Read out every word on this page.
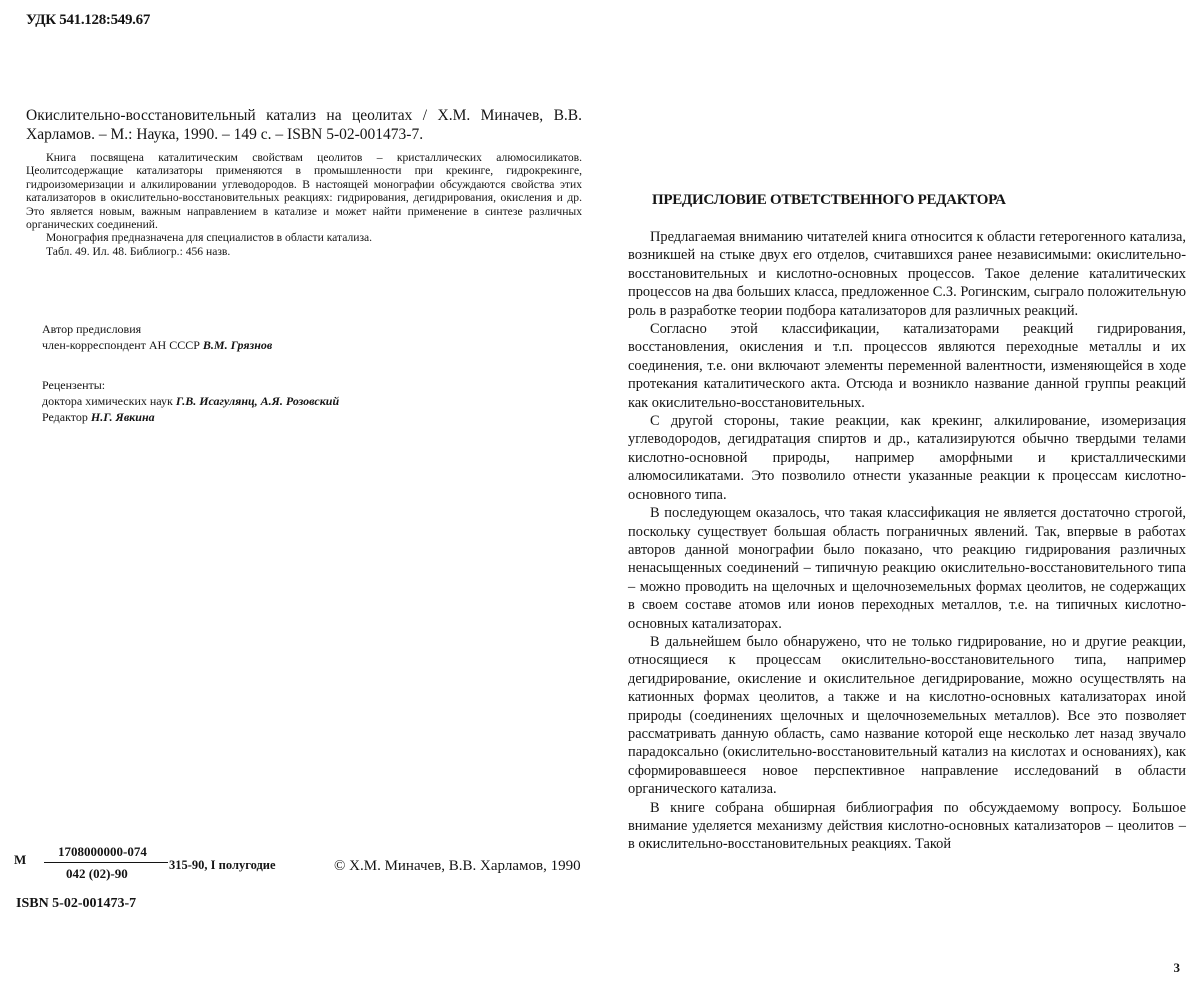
УДК 541.128:549.67
Окислительно-восстановительный катализ на цеолитах / Х.М. Миначев, В.В. Харламов. – М.: Наука, 1990. – 149 с. – ISBN 5-02-001473-7.

Книга посвящена каталитическим свойствам цеолитов – кристаллических алюмосиликатов. Цеолитсодержащие катализаторы применяются в промышленности при крекинге, гидрокрекинге, гидроизомеризации и алкилировании углеводородов. В настоящей монографии обсуждаются свойства этих катализаторов в окислительно-восстановительных реакциях: гидрирования, дегидрирования, окисления и др. Это является новым, важным направлением в катализе и может найти применение в синтезе различных органических соединений.

Монография предназначена для специалистов в области катализа.

Табл. 49. Ил. 48. Библиогр.: 456 назв.

Автор предисловия
член-корреспондент АН СССР В.М. Грязнов
Рецензенты:
доктора химических наук Г.В. Исагулянц, А.Я. Розовский
Редактор Н.Г. Явкина
М
1708000000-074
042 (02)-90
315-90, I полугодие	© Х.М. Миначев, В.В. Харламов, 1990
ISBN 5-02-001473-7
ПРЕДИСЛОВИЕ ОТВЕТСТВЕННОГО РЕДАКТОРА

Предлагаемая вниманию читателей книга относится к области гетерогенного катализа, возникшей на стыке двух его отделов, считавшихся ранее независимыми: окислительно-восстановительных и кислотно-основных процессов. Такое деление каталитических процессов на два больших класса, предложенное С.З. Рогинским, сыграло положительную роль в разработке теории подбора катализаторов для различных реакций.

Согласно этой классификации, катализаторами реакций гидрирования, восстановления, окисления и т.п. процессов являются переходные металлы и их соединения, т.е. они включают элементы переменной валентности, изменяющейся в ходе протекания каталитического акта. Отсюда и возникло название данной группы реакций как окислительно-восстановительных.

С другой стороны, такие реакции, как крекинг, алкилирование, изомеризация углеводородов, дегидратация спиртов и др., катализируются обычно твердыми телами кислотно-основной природы, например аморфными и кристаллическими алюмосиликатами. Это позволило отнести указанные реакции к процессам кислотно-основного типа.

В последующем оказалось, что такая классификация не является достаточно строгой, поскольку существует большая область пограничных явлений. Так, впервые в работах авторов данной монографии было показано, что реакцию гидрирования различных ненасыщенных соединений – типичную реакцию окислительно-восстановительного типа – можно проводить на щелочных и щелочноземельных формах цеолитов, не содержащих в своем составе атомов или ионов переходных металлов, т.е. на типичных кислотно-основных катализаторах.

В дальнейшем было обнаружено, что не только гидрирование, но и другие реакции, относящиеся к процессам окислительно-восстановительного типа, например дегидрирование, окисление и окислительное дегидрирование, можно осуществлять на катионных формах цеолитов, а также и на кислотно-основных катализаторах иной природы (соединениях щелочных и щелочноземельных металлов). Все это позволяет рассматривать данную область, само название которой еще несколько лет назад звучало парадоксально (окислительно-восстановительный катализ на кислотах и основаниях), как сформировавшееся новое перспективное направление исследований в области органического катализа.

В книге собрана обширная библиография по обсуждаемому вопросу. Большое внимание уделяется механизму действия кислотно-основных катализаторов – цеолитов – в окислительно-восстановительных реакциях. Такой

3
